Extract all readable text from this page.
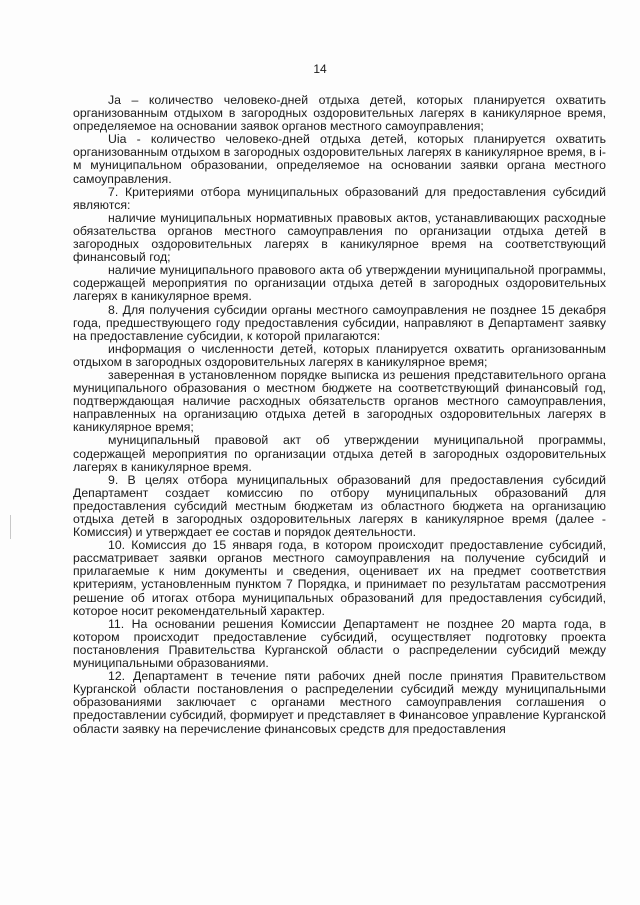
14

Ja – количество человеко-дней отдыха детей, которых планируется охватить организованным отдыхом в загородных оздоровительных лагерях в каникулярное время, определяемое на основании заявок органов местного самоуправления;

Uia - количество человеко-дней отдыха детей, которых планируется охватить организованным отдыхом в загородных оздоровительных лагерях в каникулярное время, в i-м муниципальном образовании, определяемое на основании заявки органа местного самоуправления.

7. Критериями отбора муниципальных образований для предоставления субсидий являются:

наличие муниципальных нормативных правовых актов, устанавливающих расходные обязательства органов местного самоуправления по организации отдыха детей в загородных оздоровительных лагерях в каникулярное время на соответствующий финансовый год;

наличие муниципального правового акта об утверждении муниципальной программы, содержащей мероприятия по организации отдыха детей в загородных оздоровительных лагерях в каникулярное время.

8. Для получения субсидии органы местного самоуправления не позднее 15 декабря года, предшествующего году предоставления субсидии, направляют в Департамент заявку на предоставление субсидии, к которой прилагаются:

информация о численности детей, которых планируется охватить организованным отдыхом в загородных оздоровительных лагерях в каникулярное время;

заверенная в установленном порядке выписка из решения представительного органа муниципального образования о местном бюджете на соответствующий финансовый год, подтверждающая наличие расходных обязательств органов местного самоуправления, направленных на организацию отдыха детей в загородных оздоровительных лагерях в каникулярное время;

муниципальный правовой акт об утверждении муниципальной программы, содержащей мероприятия по организации отдыха детей в загородных оздоровительных лагерях в каникулярное время.

9. В целях отбора муниципальных образований для предоставления субсидий Департамент создает комиссию по отбору муниципальных образований для предоставления субсидий местным бюджетам из областного бюджета на организацию отдыха детей в загородных оздоровительных лагерях в каникулярное время (далее - Комиссия) и утверждает ее состав и порядок деятельности.

10. Комиссия до 15 января года, в котором происходит предоставление субсидий, рассматривает заявки органов местного самоуправления на получение субсидий и прилагаемые к ним документы и сведения, оценивает их на предмет соответствия критериям, установленным пунктом 7 Порядка, и принимает по результатам рассмотрения решение об итогах отбора муниципальных образований для предоставления субсидий, которое носит рекомендательный характер.

11. На основании решения Комиссии Департамент не позднее 20 марта года, в котором происходит предоставление субсидий, осуществляет подготовку проекта постановления Правительства Курганской области о распределении субсидий между муниципальными образованиями.

12. Департамент в течение пяти рабочих дней после принятия Правительством Курганской области постановления о распределении субсидий между муниципальными образованиями заключает с органами местного самоуправления соглашения о предоставлении субсидий, формирует и представляет в Финансовое управление Курганской области заявку на перечисление финансовых средств для предоставления
